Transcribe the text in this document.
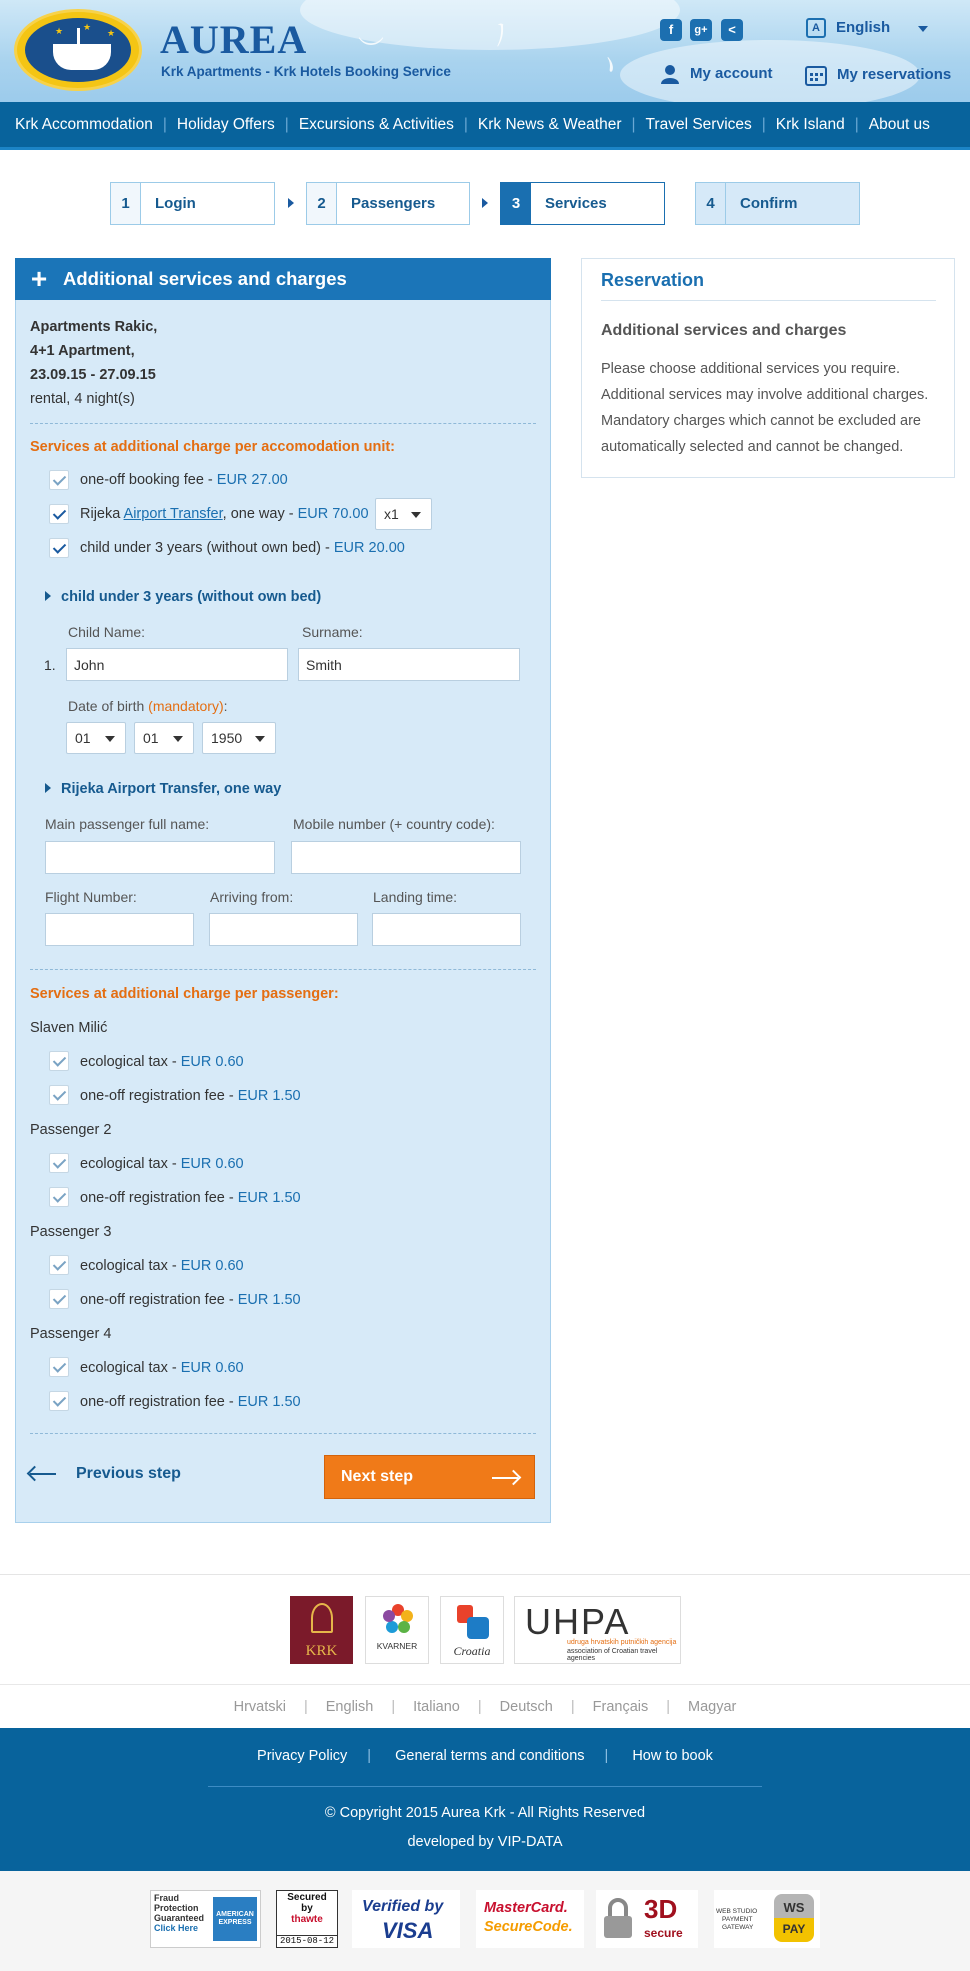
★ ★
★ AUREA
Krk Apartments - Krk Hotels Booking Service
︶	ノ
ヽ
f	g+	<	A English
My account	My reservations
Krk Accommodation | Holiday Offers | Excursions & Activities | Krk News & Weather | Travel Services | Krk Island | About us
1	Login	2	Passengers	3	Services	4	Confirm
+ Additional services and charges
Apartments Rakic,
4+1 Apartment,
23.09.15 - 27.09.15
rental, 4 night(s)
Services at additional charge per accomodation unit:
one-off booking fee - EUR 27.00
Rijeka Airport Transfer, one way - EUR 70.00	x1
child under 3 years (without own bed) - EUR 20.00
child under 3 years (without own bed)
Child Name:	Surname:
1.
John
Smith
Date of birth (mandatory):
01	01	1950
Rijeka Airport Transfer, one way
Main passenger full name:	Mobile number (+ country code):
Flight Number:	Arriving from:	Landing time:
Services at additional charge per passenger:
Slaven Milić
ecological tax - EUR 0.60
one-off registration fee - EUR 1.50
Passenger 2
ecological tax - EUR 0.60
one-off registration fee - EUR 1.50
Passenger 3
ecological tax - EUR 0.60
one-off registration fee - EUR 1.50
Passenger 4
ecological tax - EUR 0.60
one-off registration fee - EUR 1.50
Previous step	Next step
Reservation
Additional services and charges
Please choose additional services you require. Additional services may involve additional charges. Mandatory charges which cannot be excluded are automatically selected and cannot be changed.
KRK	KVARNER	Croatia
UHPA
udruga hrvatskih putničkih agencija
association of Croatian travel agencies
Hrvatski | English | Italiano | Deutsch | Français | Magyar
Privacy Policy | General terms and conditions | How to book
© Copyright 2015 Aurea Krk - All Rights Reserved
developed by VIP-DATA
Fraud
Protection
Guaranteed
Click Here
AMERICAN EXPRESS
Secured
by
thawte
2015-08-12
Verified by
VISA
MasterCard.
SecureCode.
3D
secure
WEB STUDIO
PAYMENT
GATEWAY
WS
PAY
